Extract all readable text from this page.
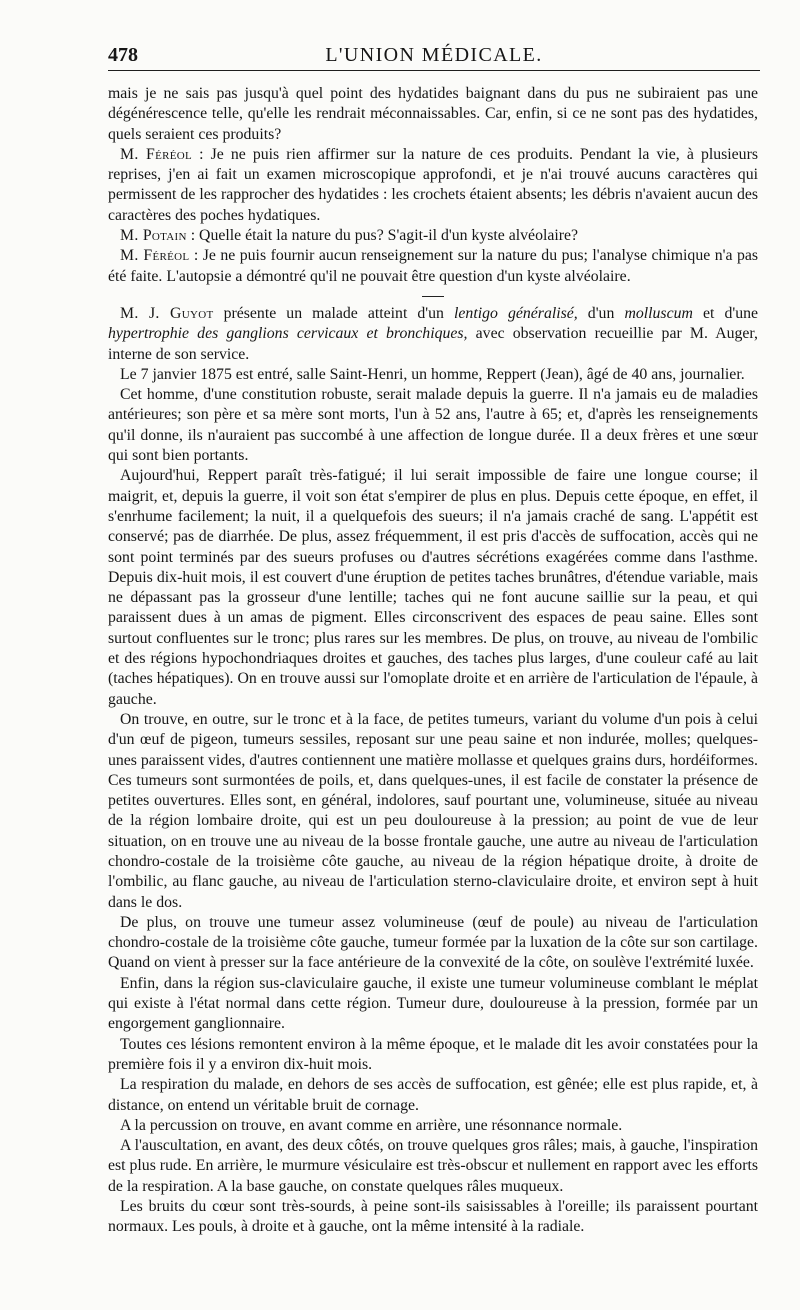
478	L'UNION MÉDICALE.

mais je ne sais pas jusqu'à quel point des hydatides baignant dans du pus ne subiraient pas une dégénérescence telle, qu'elle les rendrait méconnaissables. Car, enfin, si ce ne sont pas des hydatides, quels seraient ces produits?

M. Féréol : Je ne puis rien affirmer sur la nature de ces produits. Pendant la vie, à plusieurs reprises, j'en ai fait un examen microscopique approfondi, et je n'ai trouvé aucuns caractères qui permissent de les rapprocher des hydatides : les crochets étaient absents; les débris n'avaient aucun des caractères des poches hydatiques.

M. Potain : Quelle était la nature du pus? S'agit-il d'un kyste alvéolaire?

M. Féréol : Je ne puis fournir aucun renseignement sur la nature du pus; l'analyse chimique n'a pas été faite. L'autopsie a démontré qu'il ne pouvait être question d'un kyste alvéolaire.

M. J. Guyot présente un malade atteint d'un lentigo généralisé, d'un molluscum et d'une hypertrophie des ganglions cervicaux et bronchiques, avec observation recueillie par M. Auger, interne de son service.

Le 7 janvier 1875 est entré, salle Saint-Henri, un homme, Reppert (Jean), âgé de 40 ans, journalier.

Cet homme, d'une constitution robuste, serait malade depuis la guerre. Il n'a jamais eu de maladies antérieures; son père et sa mère sont morts, l'un à 52 ans, l'autre à 65; et, d'après les renseignements qu'il donne, ils n'auraient pas succombé à une affection de longue durée. Il a deux frères et une sœur qui sont bien portants.

Aujourd'hui, Reppert paraît très-fatigué; il lui serait impossible de faire une longue course; il maigrit, et, depuis la guerre, il voit son état s'empirer de plus en plus. Depuis cette époque, en effet, il s'enrhume facilement; la nuit, il a quelquefois des sueurs; il n'a jamais craché de sang. L'appétit est conservé; pas de diarrhée. De plus, assez fréquemment, il est pris d'accès de suffocation, accès qui ne sont point terminés par des sueurs profuses ou d'autres sécrétions exagérées comme dans l'asthme. Depuis dix-huit mois, il est couvert d'une éruption de petites taches brunâtres, d'étendue variable, mais ne dépassant pas la grosseur d'une lentille; taches qui ne font aucune saillie sur la peau, et qui paraissent dues à un amas de pigment. Elles circonscrivent des espaces de peau saine. Elles sont surtout confluentes sur le tronc; plus rares sur les membres. De plus, on trouve, au niveau de l'ombilic et des régions hypochondriaques droites et gauches, des taches plus larges, d'une couleur café au lait (taches hépatiques). On en trouve aussi sur l'omoplate droite et en arrière de l'articulation de l'épaule, à gauche.

On trouve, en outre, sur le tronc et à la face, de petites tumeurs, variant du volume d'un pois à celui d'un œuf de pigeon, tumeurs sessiles, reposant sur une peau saine et non indurée, molles; quelques-unes paraissent vides, d'autres contiennent une matière mollasse et quelques grains durs, hordéiformes. Ces tumeurs sont surmontées de poils, et, dans quelques-unes, il est facile de constater la présence de petites ouvertures. Elles sont, en général, indolores, sauf pourtant une, volumineuse, située au niveau de la région lombaire droite, qui est un peu douloureuse à la pression; au point de vue de leur situation, on en trouve une au niveau de la bosse frontale gauche, une autre au niveau de l'articulation chondro-costale de la troisième côte gauche, au niveau de la région hépatique droite, à droite de l'ombilic, au flanc gauche, au niveau de l'articulation sterno-claviculaire droite, et environ sept à huit dans le dos.

De plus, on trouve une tumeur assez volumineuse (œuf de poule) au niveau de l'articulation chondro-costale de la troisième côte gauche, tumeur formée par la luxation de la côte sur son cartilage. Quand on vient à presser sur la face antérieure de la convexité de la côte, on soulève l'extrémité luxée.

Enfin, dans la région sus-claviculaire gauche, il existe une tumeur volumineuse comblant le méplat qui existe à l'état normal dans cette région. Tumeur dure, douloureuse à la pression, formée par un engorgement ganglionnaire.

Toutes ces lésions remontent environ à la même époque, et le malade dit les avoir constatées pour la première fois il y a environ dix-huit mois.

La respiration du malade, en dehors de ses accès de suffocation, est gênée; elle est plus rapide, et, à distance, on entend un véritable bruit de cornage.

A la percussion on trouve, en avant comme en arrière, une résonnance normale.

A l'auscultation, en avant, des deux côtés, on trouve quelques gros râles; mais, à gauche, l'inspiration est plus rude. En arrière, le murmure vésiculaire est très-obscur et nullement en rapport avec les efforts de la respiration. A la base gauche, on constate quelques râles muqueux.

Les bruits du cœur sont très-sourds, à peine sont-ils saisissables à l'oreille; ils paraissent pourtant normaux. Les pouls, à droite et à gauche, ont la même intensité à la radiale.
